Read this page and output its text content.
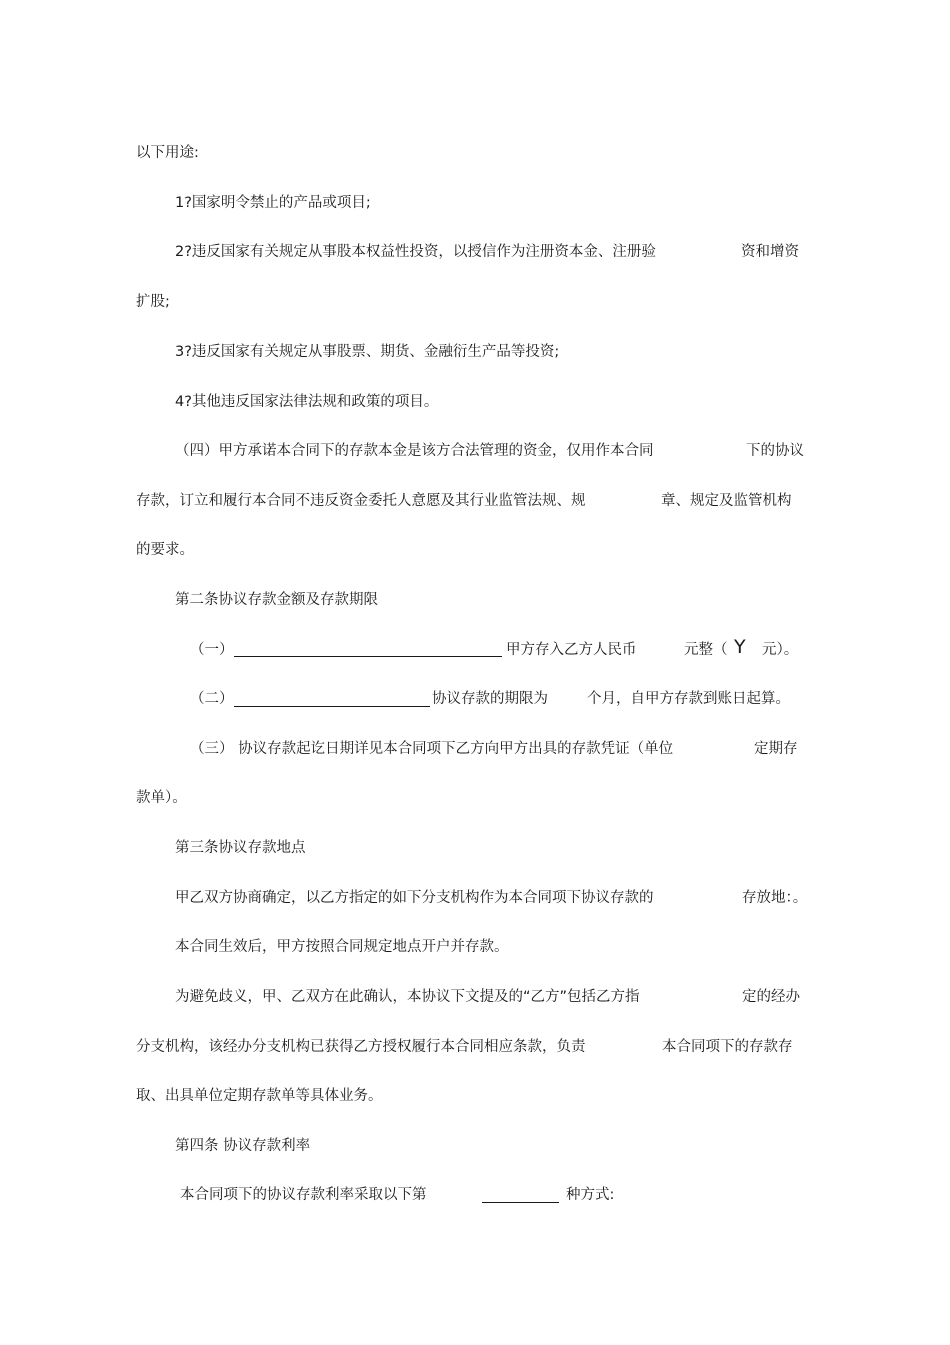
以下用途:
1?国家明令禁止的产品或项目;
2?违反国家有关规定从事股本权益性投资，以授信作为注册资本金、注册验	资和增资
扩股;
3?违反国家有关规定从事股票、期货、金融衍生产品等投资;
4?其他违反国家法律法规和政策的项目。
（四）甲方承诺本合同下的存款本金是该方合法管理的资金，仅用作本合同	下的协议
存款，订立和履行本合同不违反资金委托人意愿及其行业监管法规、规	章、规定及监管机构
的要求。
第二条协议存款金额及存款期限
（一）	甲方存入乙方人民币	元整（ Y 元）。
（二）	协议存款的期限为	个月，自甲方存款到账日起算。
（三） 协议存款起讫日期详见本合同项下乙方向甲方出具的存款凭证（单位	定期存
款单）。
第三条协议存款地点
甲乙双方协商确定，以乙方指定的如下分支机构作为本合同项下协议存款的	存放地：。
本合同生效后，甲方按照合同规定地点开户并存款。
为避免歧义，甲、乙双方在此确认，本协议下文提及的“乙方”包括乙方指	定的经办
分支机构，该经办分支机构已获得乙方授权履行本合同相应条款，负责	本合同项下的存款存
取、出具单位定期存款单等具体业务。
第四条 协议存款利率
本合同项下的协议存款利率采取以下第	种方式:
